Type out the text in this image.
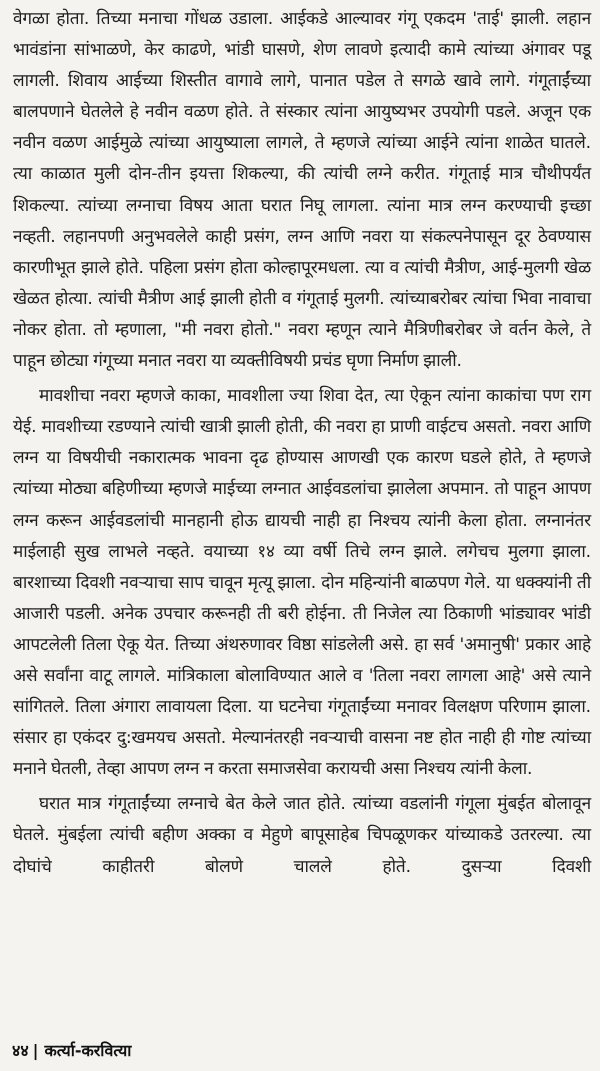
वेगळा होता. तिच्या मनाचा गोंधळ उडाला. आईकडे आल्यावर गंगू एकदम 'ताई' झाली. लहान भावंडांना सांभाळणे, केर काढणे, भांडी घासणे, शेण लावणे इत्यादी कामे त्यांच्या अंगावर पडू लागली. शिवाय आईच्या शिस्तीत वागावे लागे, पानात पडेल ते सगळे खावे लागे. गंगूताईंच्या बालपणाने घेतलेले हे नवीन वळण होते. ते संस्कार त्यांना आयुष्यभर उपयोगी पडले. अजून एक नवीन वळण आईमुळे त्यांच्या आयुष्याला लागले, ते म्हणजे त्यांच्या आईने त्यांना शाळेत घातले. त्या काळात मुली दोन-तीन इयत्ता शिकल्या, की त्यांची लग्ने करीत. गंगूताई मात्र चौथीपर्यंत शिकल्या. त्यांच्या लग्नाचा विषय आता घरात निघू लागला. त्यांना मात्र लग्न करण्याची इच्छा नव्हती. लहानपणी अनुभवलेले काही प्रसंग, लग्न आणि नवरा या संकल्पनेपासून दूर ठेवण्यास कारणीभूत झाले होते. पहिला प्रसंग होता कोल्हापूरमधला. त्या व त्यांची मैत्रीण, आई-मुलगी खेळ खेळत होत्या. त्यांची मैत्रीण आई झाली होती व गंगूताई मुलगी. त्यांच्याबरोबर त्यांचा भिवा नावाचा नोकर होता. तो म्हणाला, "मी नवरा होतो." नवरा म्हणून त्याने मैत्रिणीबरोबर जे वर्तन केले, ते पाहून छोट्या गंगूच्या मनात नवरा या व्यक्तीविषयी प्रचंड घृणा निर्माण झाली.

मावशीचा नवरा म्हणजे काका, मावशीला ज्या शिवा देत, त्या ऐकून त्यांना काकांचा पण राग येई. मावशीच्या रडण्याने त्यांची खात्री झाली होती, की नवरा हा प्राणी वाईटच असतो. नवरा आणि लग्न या विषयीची नकारात्मक भावना दृढ होण्यास आणखी एक कारण घडले होते, ते म्हणजे त्यांच्या मोठ्या बहिणीच्या म्हणजे माईच्या लग्नात आईवडलांचा झालेला अपमान. तो पाहून आपण लग्न करून आईवडलांची मानहानी होऊ द्यायची नाही हा निश्चय त्यांनी केला होता. लग्नानंतर माईलाही सुख लाभले नव्हते. वयाच्या १४ व्या वर्षी तिचे लग्न झाले. लगेचच मुलगा झाला. बारशाच्या दिवशी नवऱ्याचा साप चावून मृत्यू झाला. दोन महिन्यांनी बाळपण गेले. या धक्क्यांनी ती आजारी पडली. अनेक उपचार करूनही ती बरी होईना. ती निजेल त्या ठिकाणी भांड्यावर भांडी आपटलेली तिला ऐकू येत. तिच्या अंथरुणावर विष्ठा सांडलेली असे. हा सर्व 'अमानुषी' प्रकार आहे असे सर्वांना वाटू लागले. मांत्रिकाला बोलाविण्यात आले व 'तिला नवरा लागला आहे' असे त्याने सांगितले. तिला अंगारा लावायला दिला. या घटनेचा गंगूताईंच्या मनावर विलक्षण परिणाम झाला. संसार हा एकंदर दु:खमयच असतो. मेल्यानंतरही नवऱ्याची वासना नष्ट होत नाही ही गोष्ट त्यांच्या मनाने घेतली, तेव्हा आपण लग्न न करता समाजसेवा करायची असा निश्चय त्यांनी केला.

घरात मात्र गंगूताईंच्या लग्नाचे बेत केले जात होते. त्यांच्या वडलांनी गंगूला मुंबईत बोलावून घेतले. मुंबईला त्यांची बहीण अक्का व मेहुणे बापूसाहेब चिपळूणकर यांच्याकडे उतरल्या. त्या दोघांचे काहीतरी बोलणे चालले होते. दुसऱ्या दिवशी

४४ | कर्त्या-करवित्या
